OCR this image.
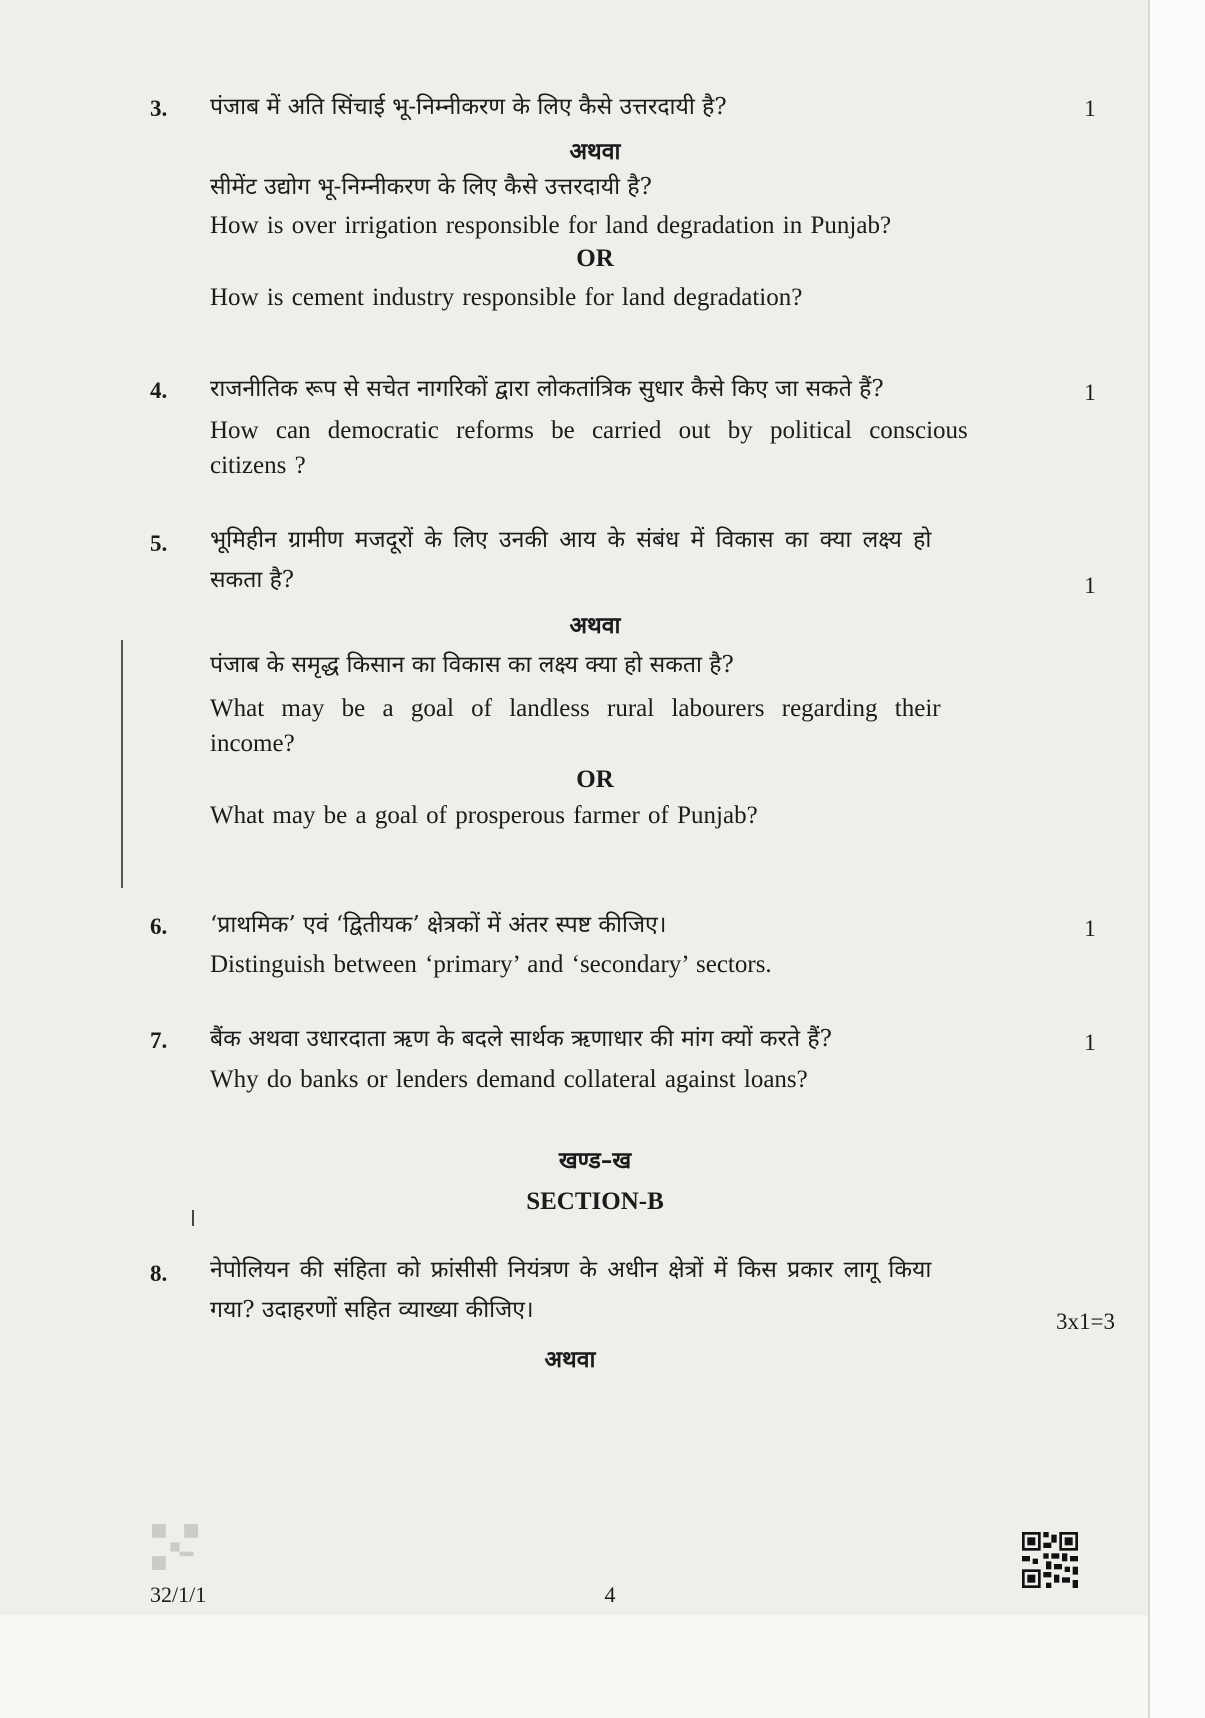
3. पंजाब में अति सिंचाई भू-निम्नीकरण के लिए कैसे उत्तरदायी है?	1
अथवा
सीमेंट उद्योग भू-निम्नीकरण के लिए कैसे उत्तरदायी है?
How is over irrigation responsible for land degradation in Punjab?
OR
How is cement industry responsible for land degradation?
4. राजनीतिक रूप से सचेत नागरिकों द्वारा लोकतांत्रिक सुधार कैसे किए जा सकते हैं?	1
How can democratic reforms be carried out by political conscious
citizens ?
5. भूमिहीन ग्रामीण मजदूरों के लिए उनकी आय के संबंध में विकास का क्या लक्ष्य हो
सकता है?	1
अथवा
पंजाब के समृद्ध किसान का विकास का लक्ष्य क्या हो सकता है?
What may be a goal of landless rural labourers regarding their
income?
OR
What may be a goal of prosperous farmer of Punjab?
6. ‘प्राथमिक’ एवं ‘द्वितीयक’ क्षेत्रकों में अंतर स्पष्ट कीजिए।	1
Distinguish between ‘primary’ and ‘secondary’ sectors.
7. बैंक अथवा उधारदाता ऋण के बदले सार्थक ऋणाधार की मांग क्यों करते हैं?	1
Why do banks or lenders demand collateral against loans?
खण्ड–ख
SECTION-B
8. नेपोलियन की संहिता को फ्रांसीसी नियंत्रण के अधीन क्षेत्रों में किस प्रकार लागू किया
गया? उदाहरणों सहित व्याख्या कीजिए।	3x1=3
अथवा
32/1/1	4
